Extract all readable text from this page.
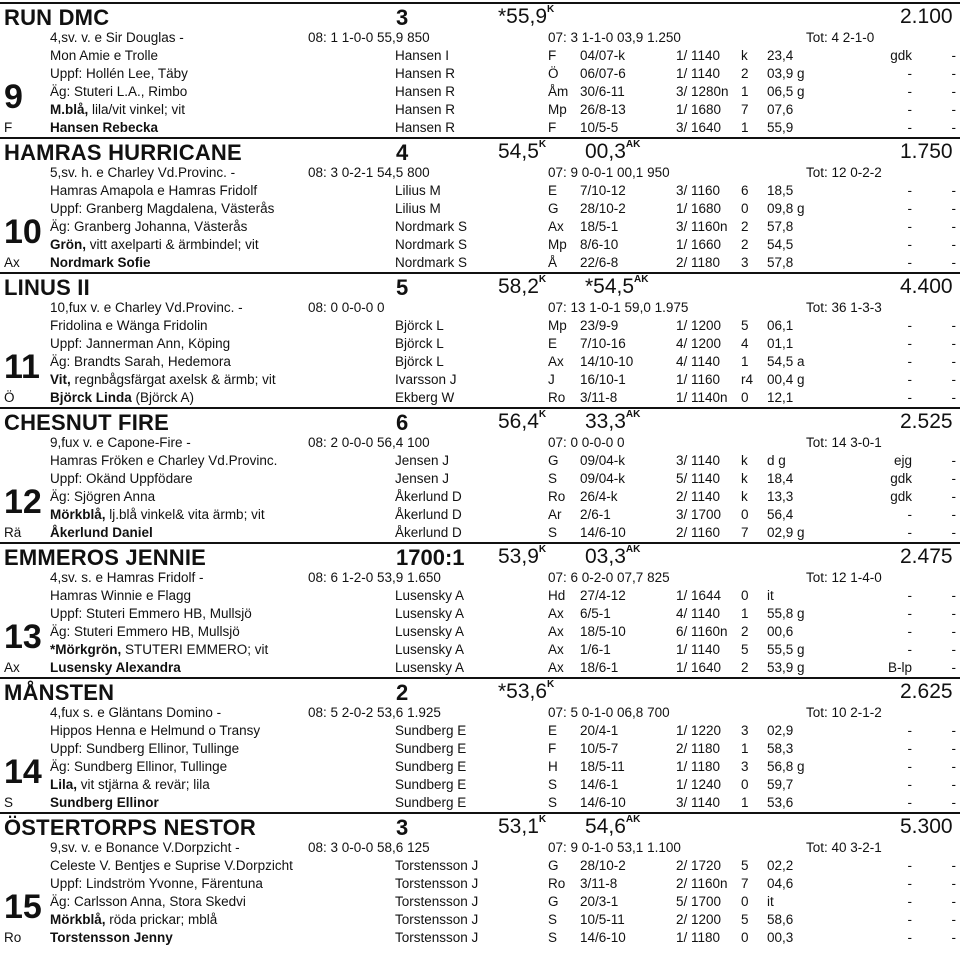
RUN DMC	3	$*55,9^K$	2.100
4,sv. v. e Sir Douglas -	08: 1 1-0-0 55,9 850	07: 3 1-1-0 03,9 1.250	Tot: 4 2-1-0
Mon Amie e Trolle	Hansen I	F 04/07-k	1/ 1140 k 23,4	gdk	-
Uppf: Hollén Lee, Täby	Hansen R	Ö 06/07-6	1/ 1140 2 03,9 g	-	-
Äg: Stuteri L.A., Rimbo	Hansen R	Åm 30/6-11	3/ 1280n 1 06,5 g	-	-
M.blå, lila/vit vinkel; vit	Hansen R	Mp 26/8-13	1/ 1680 7 07,6	-	-
F	Hansen Rebecka	Hansen R	F 10/5-5	3/ 1640 1 55,9	-	-
9
HAMRAS HURRICANE	4	$54,5^K$ $00,3^{AK}$	1.750
5,sv. h. e Charley Vd.Provinc. -	08: 3 0-2-1 54,5 800	07: 9 0-0-1 00,1 950	Tot: 12 0-2-2
Hamras Amapola e Hamras Fridolf	Lilius M	E 7/10-12	3/ 1160 6 18,5	-	-
Uppf: Granberg Magdalena, Västerås	Lilius M	G 28/10-2	1/ 1680 0 09,8 g	-	-
Äg: Granberg Johanna, Västerås	Nordmark S	Ax 18/5-1	3/ 1160n 2 57,8	-	-
Grön, vitt axelparti & ärmbindel; vit	Nordmark S	Mp 8/6-10	1/ 1660 2 54,5	-	-
Ax Nordmark Sofie	Nordmark S	Å 22/6-8	2/ 1180 3 57,8	-	-
10
LINUS II	5	$58,2^K$ $*54,5^{AK}$	4.400
10,fux v. e Charley Vd.Provinc. -	08: 0 0-0-0 0	07: 13 1-0-1 59,0 1.975	Tot: 36 1-3-3
Fridolina e Wänga Fridolin	Björck L	Mp 23/9-9	1/ 1200 5 06,1	-	-
Uppf: Jannerman Ann, Köping	Björck L	E 7/10-16	4/ 1200 4 01,1	-	-
Äg: Brandts Sarah, Hedemora	Björck L	Ax 14/10-10	4/ 1140 1 54,5 a	-	-
Vit, regnbågsfärgat axelsk & ärmb; vit	Ivarsson J	J 16/10-1	1/ 1160 r4 00,4 g	-	-
Ö	Björck Linda (Björck A)	Ekberg W	Ro 3/11-8	1/ 1140n 0 12,1	-	-
11
CHESNUT FIRE	6	$56,4^K$ $33,3^{AK}$	2.525
9,fux v. e Capone-Fire -	08: 2 0-0-0 56,4 100	07: 0 0-0-0 0	Tot: 14 3-0-1
Hamras Fröken e Charley Vd.Provinc.	Jensen J	G 09/04-k	3/ 1140 k d g	ejg	-
Uppf: Okänd Uppfödare	Jensen J	S 09/04-k	5/ 1140 k 18,4	gdk	-
Äg: Sjögren Anna	Åkerlund D	Ro 26/4-k	2/ 1140 k 13,3	gdk	-
Mörkblå, lj.blå vinkel& vita ärmb; vit	Åkerlund D	Ar 2/6-1	3/ 1700 0 56,4	-	-
Rä Åkerlund Daniel	Åkerlund D	S 14/6-10	2/ 1160 7 02,9 g	-	-
12
EMMEROS JENNIE	1700:1 $53,9^K$ $03,3^{AK}$	2.475
4,sv. s. e Hamras Fridolf -	08: 6 1-2-0 53,9 1.650	07: 6 0-2-0 07,7 825	Tot: 12 1-4-0
Hamras Winnie e Flagg	Lusensky A	Hd 27/4-12	1/ 1644 0 it	-	-
Uppf: Stuteri Emmero HB, Mullsjö	Lusensky A	Ax 6/5-1	4/ 1140 1 55,8 g	-	-
Äg: Stuteri Emmero HB, Mullsjö	Lusensky A	Ax 18/5-10	6/ 1160n 2 00,6	-	-
*Mörkgrön, STUTERI EMMERO; vit	Lusensky A	Ax 1/6-1	1/ 1140 5 55,5 g	-	-
Ax Lusensky Alexandra	Lusensky A	Ax 18/6-1	1/ 1640 2 53,9 g	B-lp	-
13
MÅNSTEN	2	$*53,6^K$	2.625
4,fux s. e Gläntans Domino -	08: 5 2-0-2 53,6 1.925	07: 5 0-1-0 06,8 700	Tot: 10 2-1-2
Hippos Henna e Helmund o Transy	Sundberg E	E 20/4-1	1/ 1220 3 02,9	-	-
Uppf: Sundberg Ellinor, Tullinge	Sundberg E	F 10/5-7	2/ 1180 1 58,3	-	-
Äg: Sundberg Ellinor, Tullinge	Sundberg E	H 18/5-11	1/ 1180 3 56,8 g	-	-
Lila, vit stjärna & revär; lila	Sundberg E	S 14/6-1	1/ 1240 0 59,7	-	-
S	Sundberg Ellinor	Sundberg E	S 14/6-10	3/ 1140 1 53,6	-	-
14
ÖSTERTORPS NESTOR	3	$53,1^K$ $54,6^{AK}$	5.300
9,sv. v. e Bonance V.Dorpzicht -	08: 3 0-0-0 58,6 125	07: 9 0-1-0 53,1 1.100	Tot: 40 3-2-1
Celeste V. Bentjes e Suprise V.Dorpzicht	Torstensson J	G 28/10-2	2/ 1720 5 02,2	-	-
Uppf: Lindström Yvonne, Färentuna	Torstensson J	Ro 3/11-8	2/ 1160n 7 04,6	-	-
Äg: Carlsson Anna, Stora Skedvi	Torstensson J	G 20/3-1	5/ 1700 0 it	-	-
Mörkblå, röda prickar; mblå	Torstensson J	S 10/5-11	2/ 1200 5 58,6	-	-
Ro Torstensson Jenny	Torstensson J	S 14/6-10	1/ 1180 0 00,3	-	-
15
